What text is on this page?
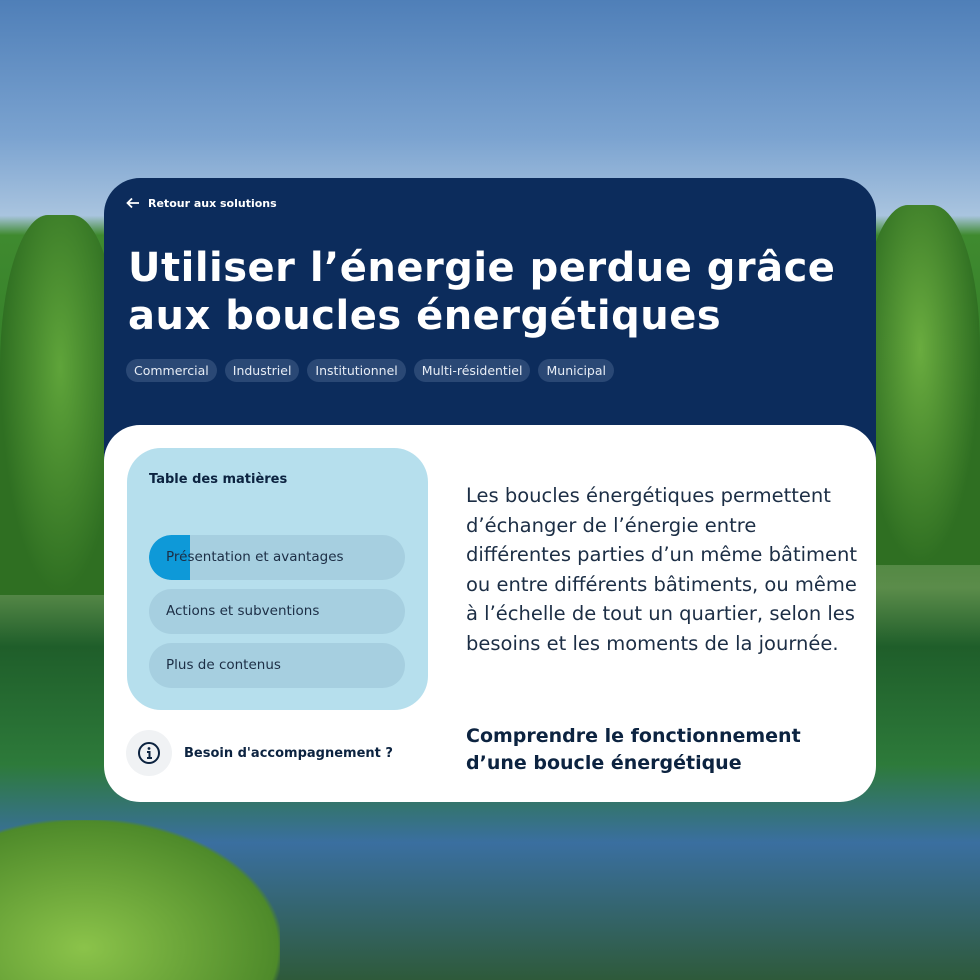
Retour aux solutions
Utiliser l’énergie perdue grâce aux boucles énergétiques
Commercial	Industriel	Institutionnel	Multi-résidentiel	Municipal
Table des matières
Présentation et avantages
Actions et subventions
Plus de contenus
Besoin d'accompagnement ?

Les boucles énergétiques permettent d’échanger de l’énergie entre différentes parties d’un même bâtiment ou entre différents bâtiments, ou même à l’échelle de tout un quartier, selon les besoins et les moments de la journée.

Comprendre le fonctionnement d’une boucle énergétique
